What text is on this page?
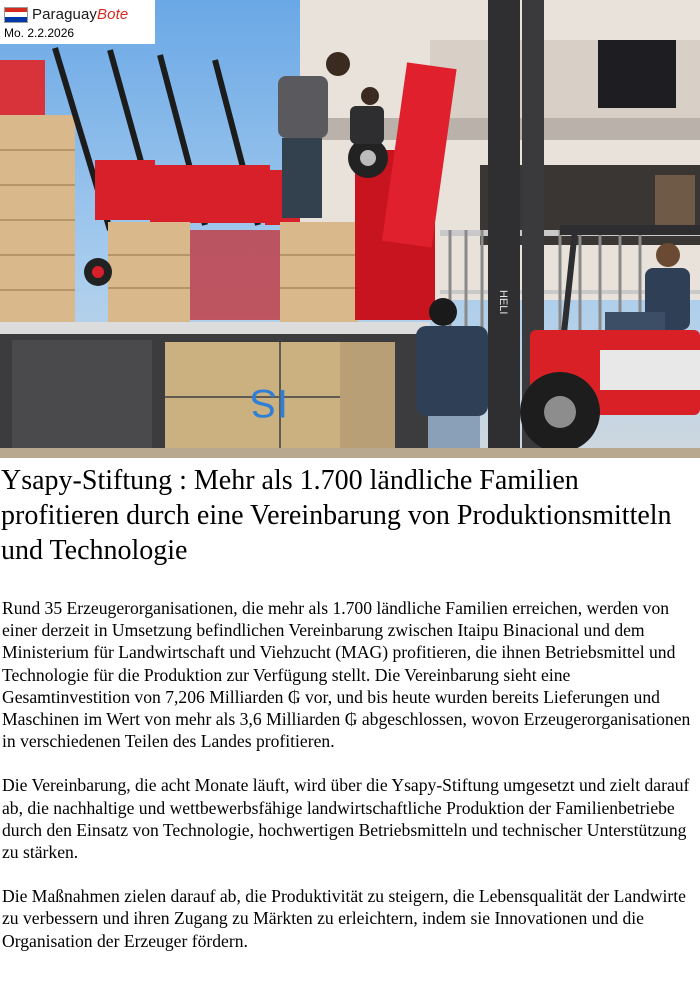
IS
HELI
ParaguayBote
Mo. 2.2.2026
Ysapy-Stiftung : Mehr als 1.700 ländliche Familien profitieren durch eine Vereinbarung von Produktionsmitteln und Technologie

Rund 35 Erzeugerorganisationen, die mehr als 1.700 ländliche Familien erreichen, werden von einer derzeit in Umsetzung befindlichen Vereinbarung zwischen Itaipu Binacional und dem Ministerium für Landwirtschaft und Viehzucht (MAG) profitieren, die ihnen Betriebsmittel und Technologie für die Produktion zur Verfügung stellt. Die Vereinbarung sieht eine Gesamtinvestition von 7,206 Milliarden ₲ vor, und bis heute wurden bereits Lieferungen und Maschinen im Wert von mehr als 3,6 Milliarden ₲ abgeschlossen, wovon Erzeugerorganisationen in verschiedenen Teilen des Landes profitieren.

Die Vereinbarung, die acht Monate läuft, wird über die Ysapy-Stiftung umgesetzt und zielt darauf ab, die nachhaltige und wettbewerbsfähige landwirtschaftliche Produktion der Familienbetriebe durch den Einsatz von Technologie, hochwertigen Betriebsmitteln und technischer Unterstützung zu stärken.

Die Maßnahmen zielen darauf ab, die Produktivität zu steigern, die Lebensqualität der Landwirte zu verbessern und ihren Zugang zu Märkten zu erleichtern, indem sie Innovationen und die Organisation der Erzeuger fördern.
